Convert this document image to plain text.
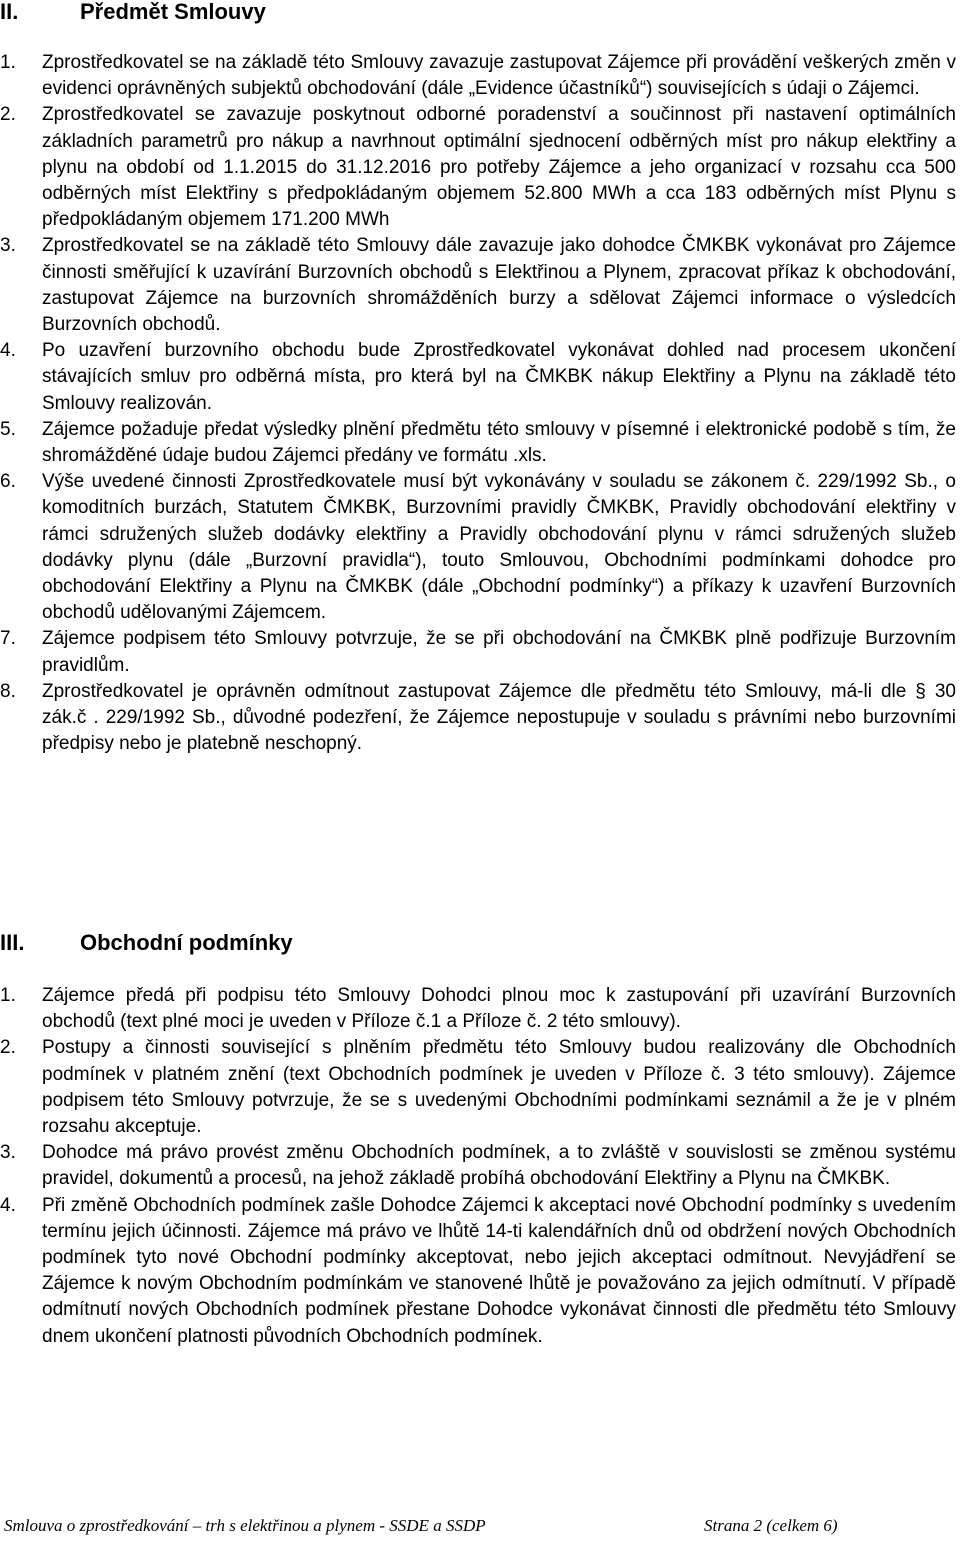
II.	Předmět Smlouvy
1.	Zprostředkovatel se na základě této Smlouvy zavazuje zastupovat Zájemce při provádění veškerých změn v evidenci oprávněných subjektů obchodování (dále „Evidence účastníků“) souvisejících s údaji o Zájemci.
2.	Zprostředkovatel se zavazuje poskytnout odborné poradenství a součinnost při nastavení optimálních základních parametrů pro nákup a navrhnout optimální sjednocení odběrných míst pro nákup elektřiny a plynu na období od 1.1.2015 do 31.12.2016 pro potřeby Zájemce a jeho organizací v rozsahu cca 500 odběrných míst Elektřiny s předpokládaným objemem 52.800 MWh a cca 183 odběrných míst Plynu s předpokládaným objemem 171.200 MWh
3.	Zprostředkovatel se na základě této Smlouvy dále zavazuje jako dohodce ČMKBK vykonávat pro Zájemce činnosti směřující k uzavírání Burzovních obchodů s Elektřinou a Plynem, zpracovat příkaz k obchodování, zastupovat Zájemce na burzovních shromážděních burzy a sdělovat Zájemci informace o výsledcích Burzovních obchodů.
4.	Po uzavření burzovního obchodu bude Zprostředkovatel vykonávat dohled nad procesem ukončení stávajících smluv pro odběrná místa, pro která byl na ČMKBK nákup Elektřiny a Plynu na základě této Smlouvy realizován.
5.	Zájemce požaduje předat výsledky plnění předmětu této smlouvy v písemné i elektronické podobě s tím, že shromážděné údaje budou Zájemci předány ve formátu .xls.
6.	Výše uvedené činnosti Zprostředkovatele musí být vykonávány v souladu se zákonem č. 229/1992 Sb., o komoditních burzách, Statutem ČMKBK, Burzovními pravidly ČMKBK, Pravidly obchodování elektřiny v rámci sdružených služeb dodávky elektřiny a Pravidly obchodování plynu v rámci sdružených služeb dodávky plynu (dále „Burzovní pravidla“), touto Smlouvou, Obchodními podmínkami dohodce pro obchodování Elektřiny a Plynu na ČMKBK (dále „Obchodní podmínky“) a příkazy k uzavření Burzovních obchodů udělovanými Zájemcem.
7.	Zájemce podpisem této Smlouvy potvrzuje, že se při obchodování na ČMKBK plně podřizuje Burzovním pravidlům.
8.	Zprostředkovatel je oprávněn odmítnout zastupovat Zájemce dle předmětu této Smlouvy, má-li dle § 30 zák.č . 229/1992 Sb., důvodné podezření, že Zájemce nepostupuje v souladu s právními nebo burzovními předpisy nebo je platebně neschopný.
III.	Obchodní podmínky
1.	Zájemce předá při podpisu této Smlouvy Dohodci plnou moc k zastupování při uzavírání Burzovních obchodů (text plné moci je uveden v Příloze č.1 a Příloze č. 2 této smlouvy).
2.	Postupy a činnosti související s plněním předmětu této Smlouvy budou realizovány dle Obchodních podmínek v platném znění (text Obchodních podmínek je uveden v Příloze č. 3 této smlouvy). Zájemce podpisem této Smlouvy potvrzuje, že se s uvedenými Obchodními podmínkami seznámil a že je v plném rozsahu akceptuje.
3.	Dohodce má právo provést změnu Obchodních podmínek, a to zvláště v souvislosti se změnou systému pravidel, dokumentů a procesů, na jehož základě probíhá obchodování Elektřiny a Plynu na ČMKBK.
4.	Při změně Obchodních podmínek zašle Dohodce Zájemci k akceptaci nové Obchodní podmínky s uvedením termínu jejich účinnosti. Zájemce má právo ve lhůtě 14-ti kalendářních dnů od obdržení nových Obchodních podmínek tyto nové Obchodní podmínky akceptovat, nebo jejich akceptaci odmítnout. Nevyjádření se Zájemce k novým Obchodním podmínkám ve stanovené lhůtě je považováno za jejich odmítnutí. V případě odmítnutí nových Obchodních podmínek přestane Dohodce vykonávat činnosti dle předmětu této Smlouvy dnem ukončení platnosti původních Obchodních podmínek.
Smlouva o zprostředkování – trh s elektřinou a plynem - SSDE a SSDP	Strana 2 (celkem 6)
